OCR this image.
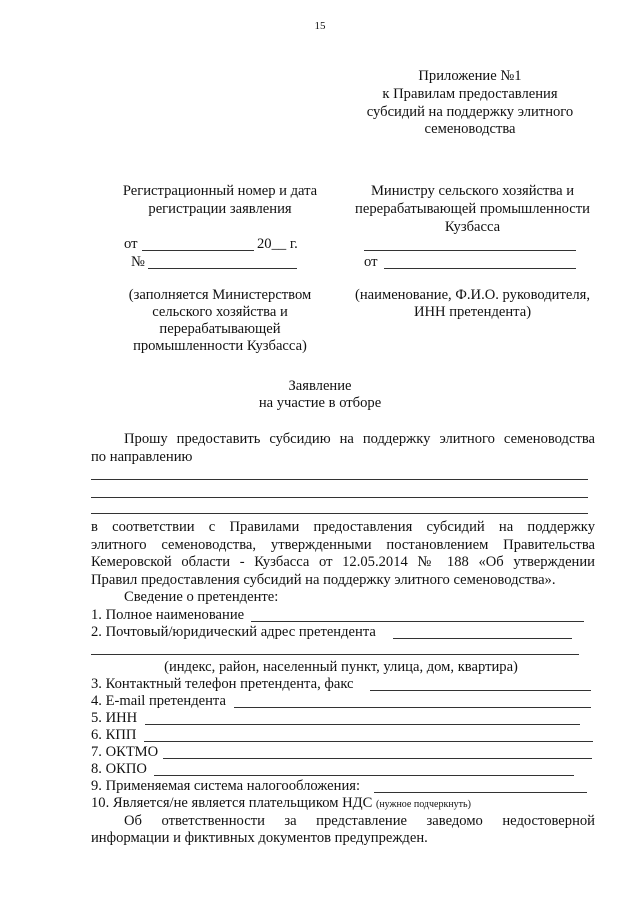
15
Приложение №1
к Правилам предоставления
субсидий на поддержку элитного
семеноводства
Регистрационный номер и дата
регистрации заявления
от	20__ г.
№
(заполняется Министерством
сельского хозяйства и
перерабатывающей
промышленности Кузбасса)
Министру сельского хозяйства и
перерабатывающей промышленности
Кузбасса
от
(наименование, Ф.И.О. руководителя,
ИНН претендента)
Заявление
на участие в отборе
Прошу предоставить субсидию на поддержку элитного семеноводства
по направлению
в соответствии с Правилами предоставления субсидий на поддержку
элитного семеноводства, утвержденными постановлением Правительства
Кемеровской области - Кузбасса от 12.05.2014 № 188 «Об утверждении
Правил предоставления субсидий на поддержку элитного семеноводства».
Сведение о претенденте:
1. Полное наименование
2. Почтовый/юридический адрес претендента
(индекс, район, населенный пункт, улица, дом, квартира)
3. Контактный телефон претендента, факс
4. E-mail претендента
5. ИНН
6. КПП
7. ОКТМО
8. ОКПО
9. Применяемая система налогообложения:
10. Является/не является плательщиком НДС (нужное подчеркнуть)
Об ответственности за представление заведомо недостоверной
информации и фиктивных документов предупрежден.
